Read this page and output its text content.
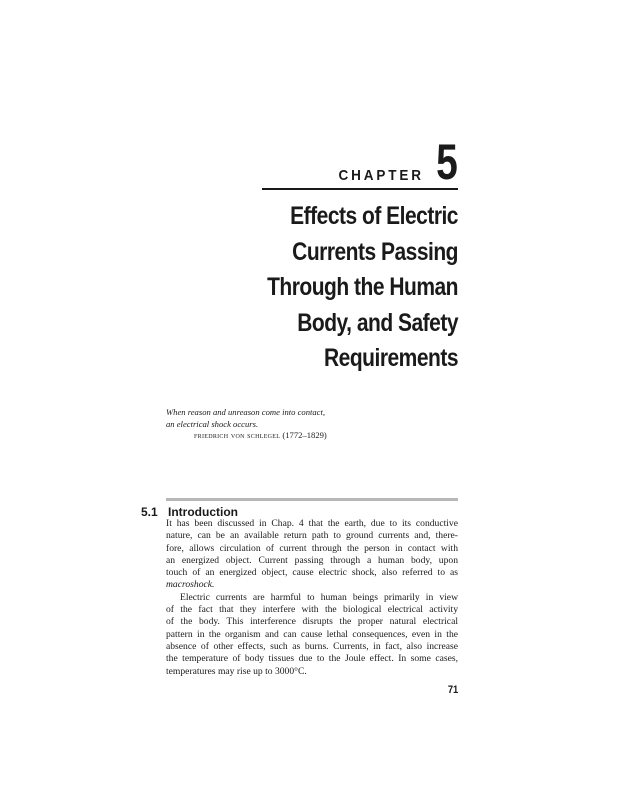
CHAPTER 5
Effects of Electric
Currents Passing
Through the Human
Body, and Safety
Requirements
When reason and unreason come into contact,
an electrical shock occurs.
friedrich von schlegel (1772–1829)
5.1 Introduction
It has been discussed in Chap. 4 that the earth, due to its conductive
nature, can be an available return path to ground currents and, there-
fore, allows circulation of current through the person in contact with
an energized object. Current passing through a human body, upon
touch of an energized object, cause electric shock, also referred to as
macroshock.
Electric currents are harmful to human beings primarily in view
of the fact that they interfere with the biological electrical activity
of the body. This interference disrupts the proper natural electrical
pattern in the organism and can cause lethal consequences, even in the
absence of other effects, such as burns. Currents, in fact, also increase
the temperature of body tissues due to the Joule effect. In some cases,
temperatures may rise up to 3000°C.
71
